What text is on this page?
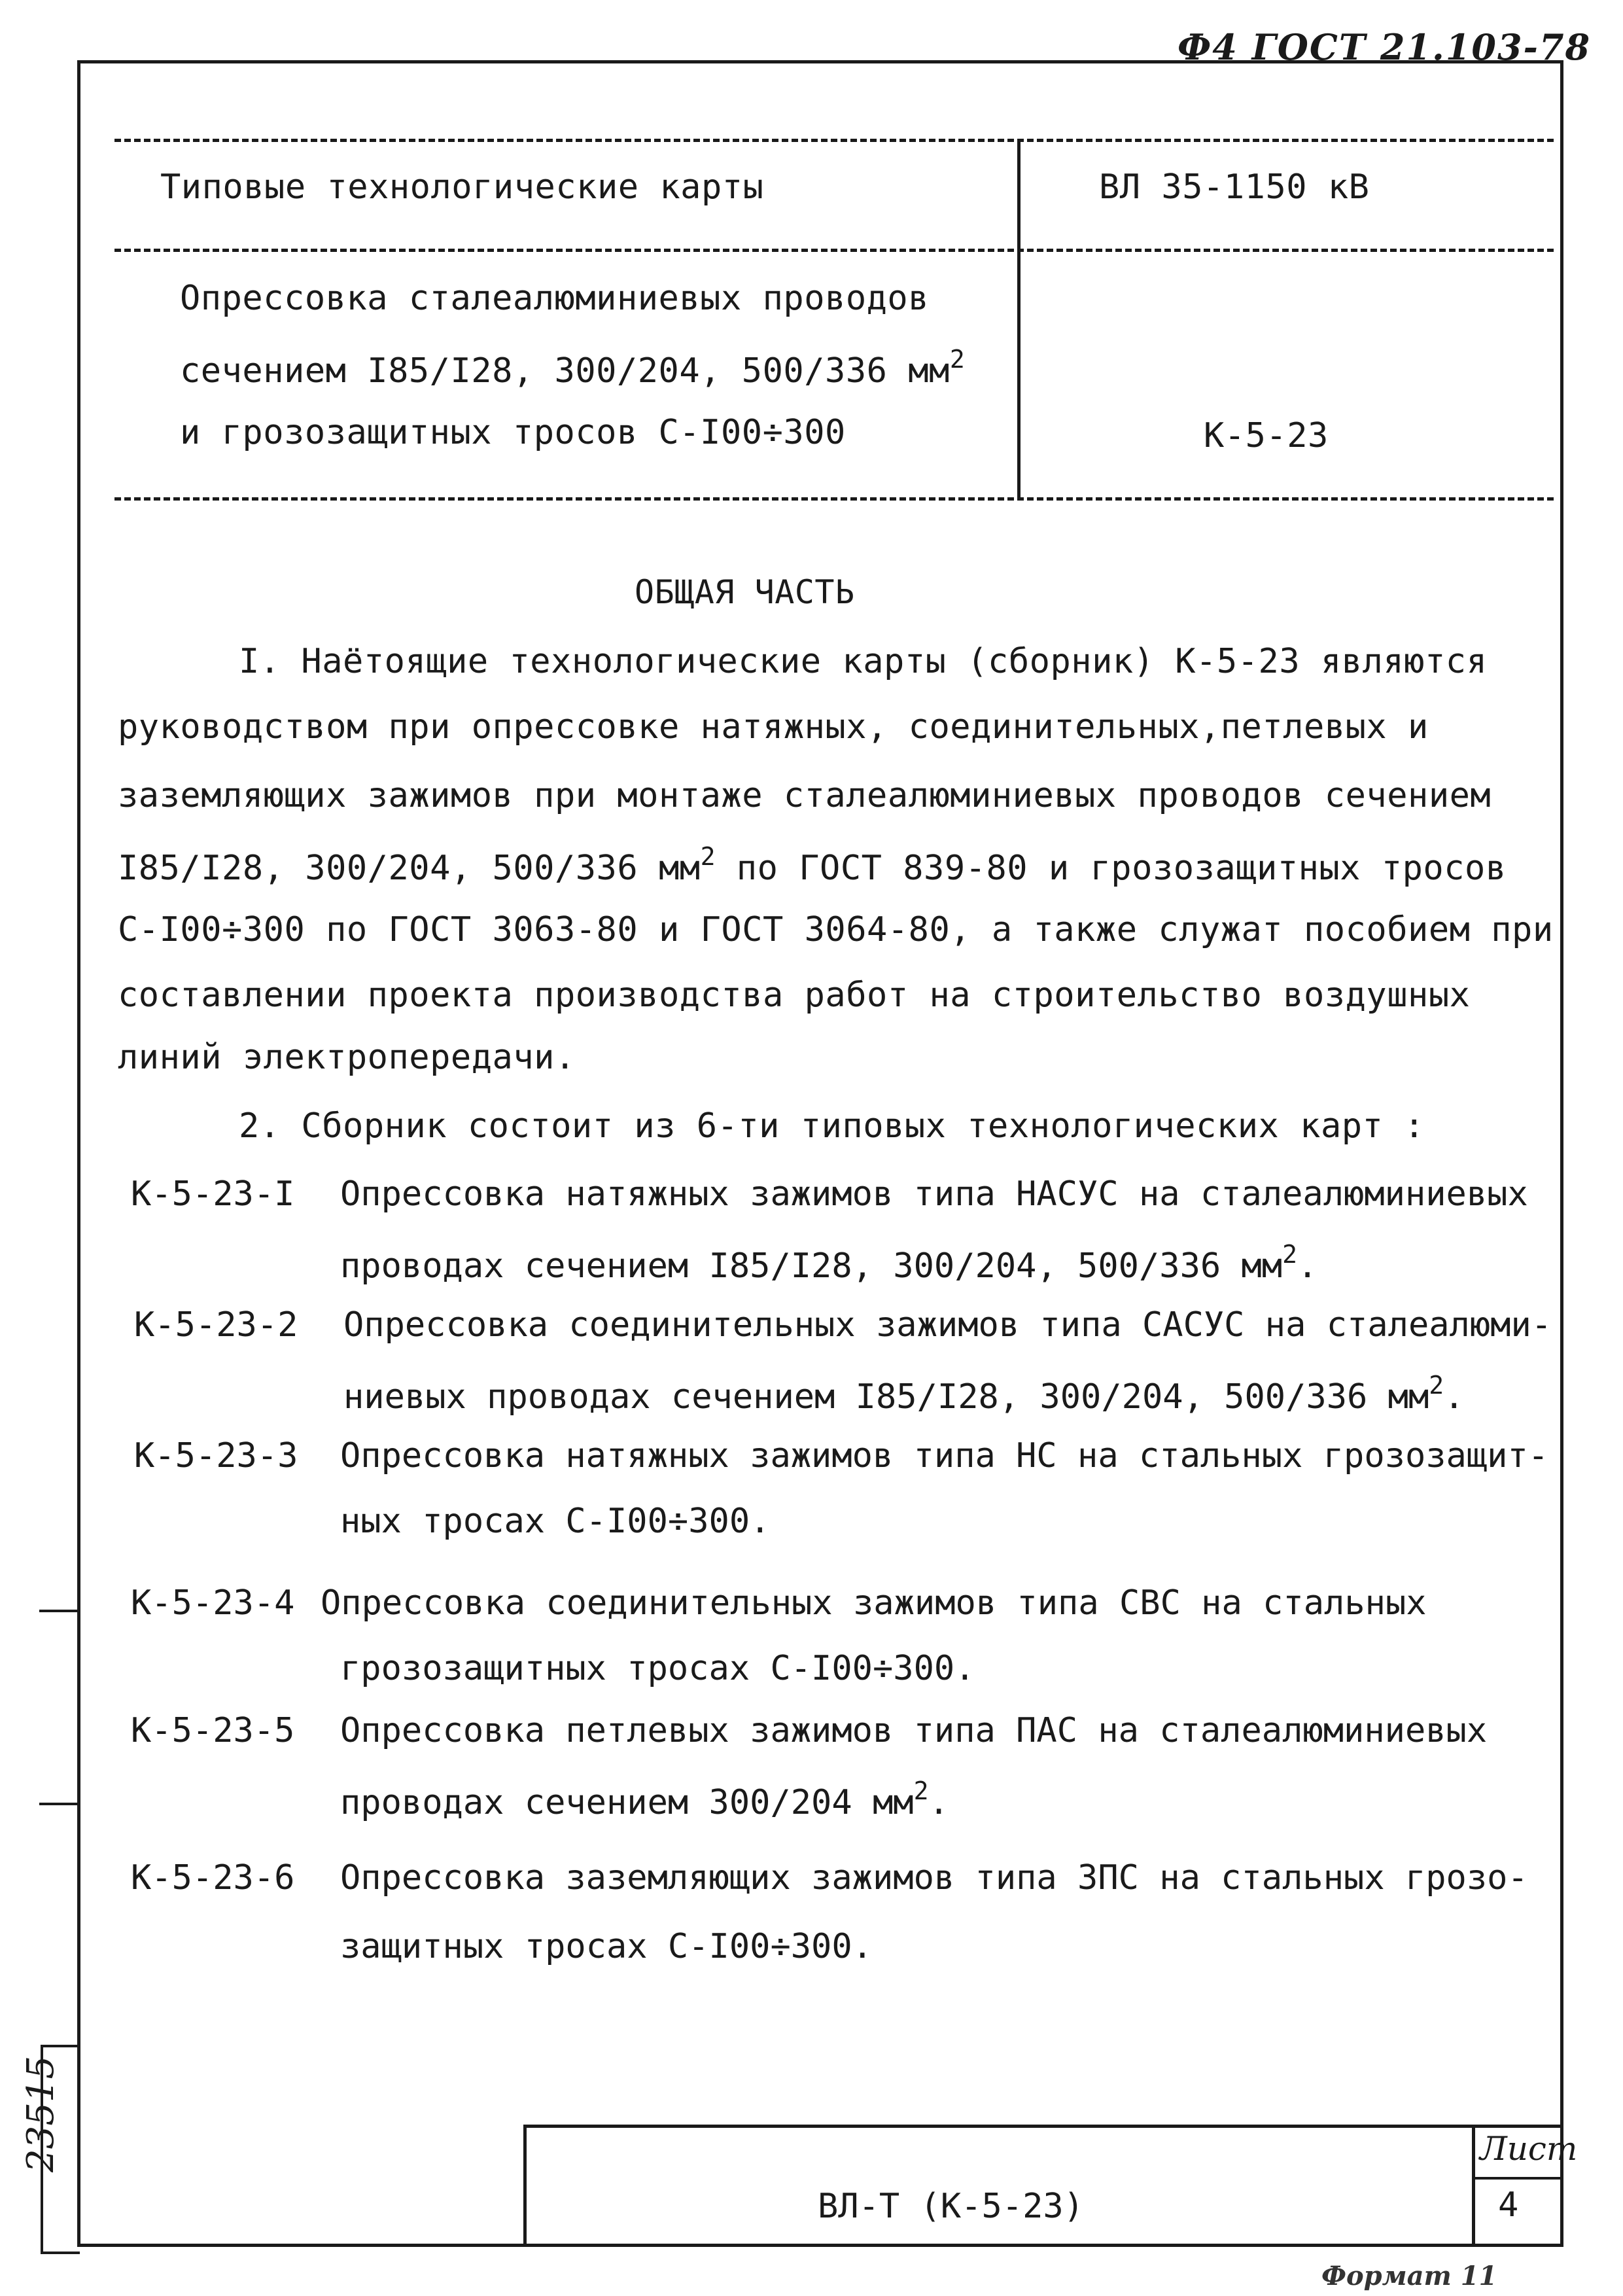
Ф4 ГОСТ 21.103-78
Типовые технологические карты	ВЛ 35-1150 кВ
Опрессовка сталеалюминиевых проводов
сечением I85/I28, 300/204, 500/336 $мм^2$
и грозозащитных тросов С-I00÷300	К-5-23
ОБЩАЯ ЧАСТЬ
I. Наётоящие технологические карты (сборник) К-5-23 являются
руководством при опрессовке натяжных, соединительных,петлевых и
заземляющих зажимов при монтаже сталеалюминиевых проводов сечением
I85/I28, 300/204, 500/336 $мм^2$ по ГОСТ 839-80 и грозозащитных тросов
С-I00÷300 по ГОСТ 3063-80 и ГОСТ 3064-80, а также служат пособием при
составлении проекта производства работ на строительство воздушных
линий электропередачи.
2. Сборник состоит из 6-ти типовых технологических карт :
К-5-23-I Опрессовка натяжных зажимов типа НАСУС на сталеалюминиевых
проводах сечением I85/I28, 300/204, 500/336 $мм^2$.
К-5-23-2 Опрессовка соединительных зажимов типа САСУС на сталеалюми-
ниевых проводах сечением I85/I28, 300/204, 500/336 $мм^2$.
К-5-23-3 Опрессовка натяжных зажимов типа НС на стальных грозозащит-
ных тросах С-I00÷300.
К-5-23-4 Опрессовка соединительных зажимов типа СВС на стальных
грозозащитных тросах С-I00÷300.
К-5-23-5 Опрессовка петлевых зажимов типа ПАС на сталеалюминиевых
проводах сечением 300/204 $мм^2$.
К-5-23-6 Опрессовка заземляющих зажимов типа ЗПС на стальных грозо-
защитных тросах С-I00÷300.
23515
ВЛ-Т (К-5-23)
Лист
4
Формат 11
